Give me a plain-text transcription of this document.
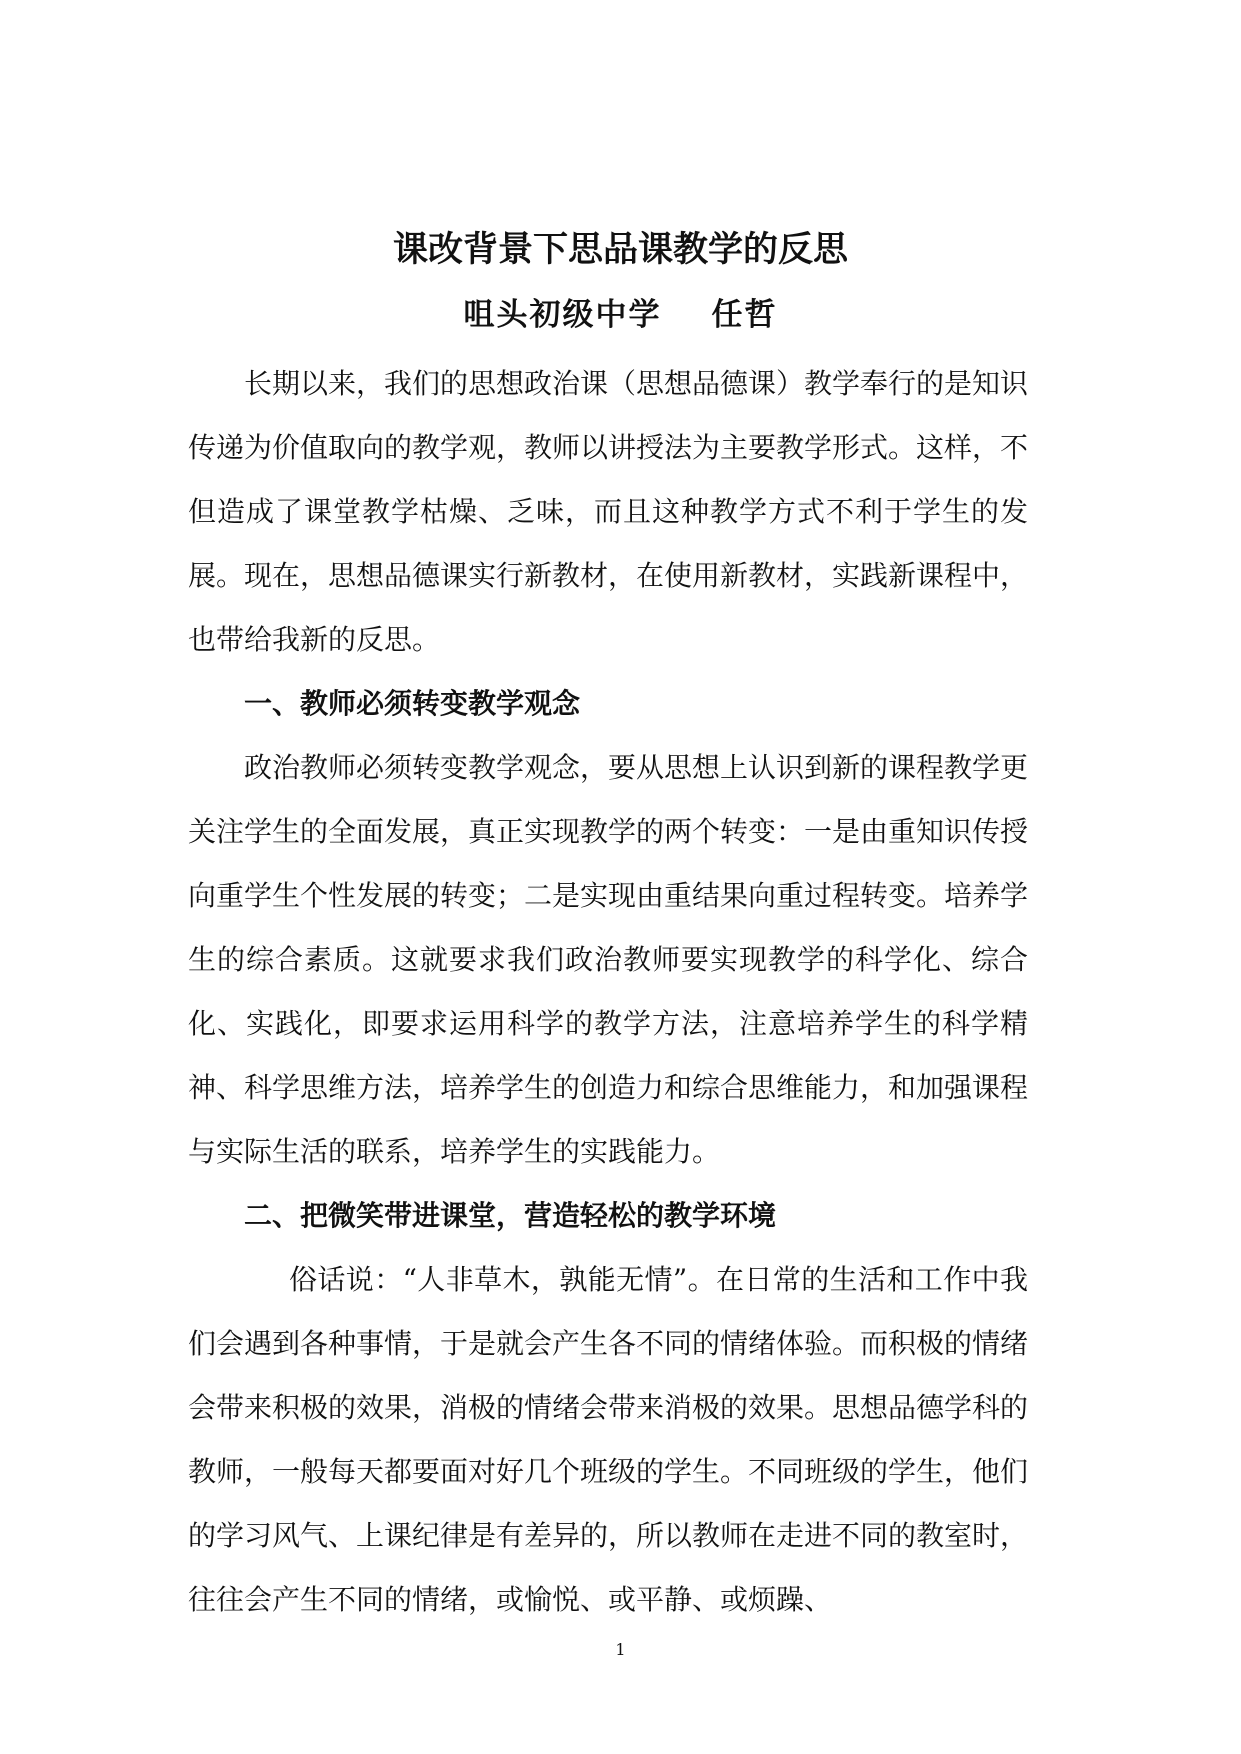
课改背景下思品课教学的反思
咀头初级中学 任哲

长期以来，我们的思想政治课（思想品德课）教学奉行的是知识传递为价值取向的教学观，教师以讲授法为主要教学形式。这样，不但造成了课堂教学枯燥、乏味，而且这种教学方式不利于学生的发展。现在，思想品德课实行新教材，在使用新教材，实践新课程中，也带给我新的反思。

一、教师必须转变教学观念

政治教师必须转变教学观念，要从思想上认识到新的课程教学更关注学生的全面发展，真正实现教学的两个转变：一是由重知识传授向重学生个性发展的转变；二是实现由重结果向重过程转变。培养学生的综合素质。这就要求我们政治教师要实现教学的科学化、综合化、实践化，即要求运用科学的教学方法，注意培养学生的科学精神、科学思维方法，培养学生的创造力和综合思维能力，和加强课程与实际生活的联系，培养学生的实践能力。

二、把微笑带进课堂，营造轻松的教学环境

俗话说：“人非草木，孰能无情”。在日常的生活和工作中我们会遇到各种事情，于是就会产生各不同的情绪体验。而积极的情绪会带来积极的效果，消极的情绪会带来消极的效果。思想品德学科的教师，一般每天都要面对好几个班级的学生。不同班级的学生，他们的学习风气、上课纪律是有差异的，所以教师在走进不同的教室时，往往会产生不同的情绪，或愉悦、或平静、或烦躁、

1
